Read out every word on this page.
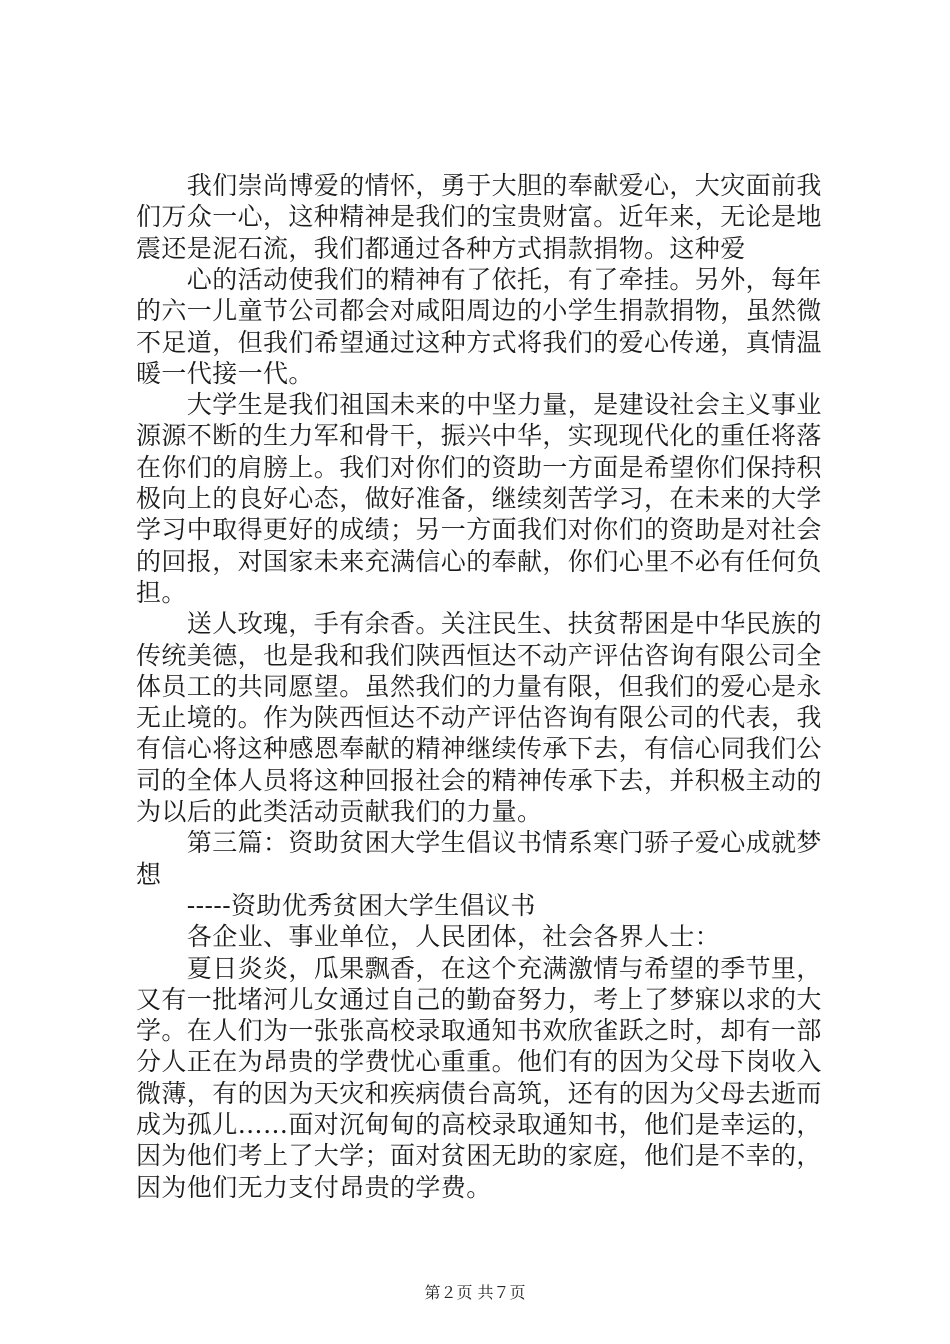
　　我们崇尚博爱的情怀，勇于大胆的奉献爱心，大灾面前我
们万众一心，这种精神是我们的宝贵财富。近年来，无论是地
震还是泥石流，我们都通过各种方式捐款捐物。这种爱
　　心的活动使我们的精神有了依托，有了牵挂。另外，每年
的六一儿童节公司都会对咸阳周边的小学生捐款捐物，虽然微
不足道，但我们希望通过这种方式将我们的爱心传递，真情温
暖一代接一代。
　　大学生是我们祖国未来的中坚力量，是建设社会主义事业
源源不断的生力军和骨干，振兴中华，实现现代化的重任将落
在你们的肩膀上。我们对你们的资助一方面是希望你们保持积
极向上的良好心态，做好准备，继续刻苦学习，在未来的大学
学习中取得更好的成绩；另一方面我们对你们的资助是对社会
的回报，对国家未来充满信心的奉献，你们心里不必有任何负
担。
　　送人玫瑰，手有余香。关注民生、扶贫帮困是中华民族的
传统美德，也是我和我们陕西恒达不动产评估咨询有限公司全
体员工的共同愿望。虽然我们的力量有限，但我们的爱心是永
无止境的。作为陕西恒达不动产评估咨询有限公司的代表，我
有信心将这种感恩奉献的精神继续传承下去，有信心同我们公
司的全体人员将这种回报社会的精神传承下去，并积极主动的
为以后的此类活动贡献我们的力量。
　　第三篇：资助贫困大学生倡议书情系寒门骄子爱心成就梦
想
　　-----资助优秀贫困大学生倡议书
　　各企业、事业单位，人民团体，社会各界人士：
　　夏日炎炎，瓜果飘香，在这个充满激情与希望的季节里，
又有一批堵河儿女通过自己的勤奋努力，考上了梦寐以求的大
学。在人们为一张张高校录取通知书欢欣雀跃之时，却有一部
分人正在为昂贵的学费忧心重重。他们有的因为父母下岗收入
微薄，有的因为天灾和疾病债台高筑，还有的因为父母去逝而
成为孤儿……面对沉甸甸的高校录取通知书，他们是幸运的，
因为他们考上了大学；面对贫困无助的家庭，他们是不幸的，
因为他们无力支付昂贵的学费。
第２页 共７页
